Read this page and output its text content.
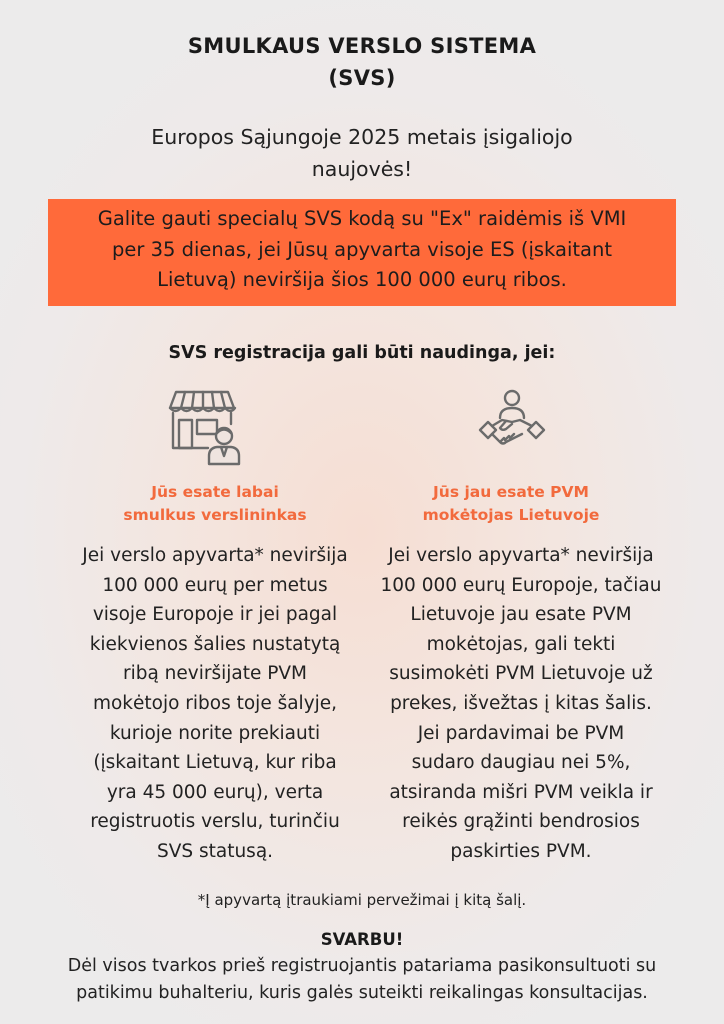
SMULKAUS VERSLO SISTEMA
(SVS)
Europos Sąjungoje 2025 metais įsigaliojo
naujovės!
Galite gauti specialų SVS kodą su "Ex" raidėmis iš VMI
per 35 dienas, jei Jūsų apyvarta visoje ES (įskaitant
Lietuvą) neviršija šios 100 000 eurų ribos.
SVS registracija gali būti naudinga, jei:
Jūs esate labai
smulkus verslininkas
Jūs jau esate PVM
mokėtojas Lietuvoje
Jei verslo apyvarta* neviršija
100 000 eurų per metus
visoje Europoje ir jei pagal
kiekvienos šalies nustatytą
ribą neviršijate PVM
mokėtojo ribos toje šalyje,
kurioje norite prekiauti
(įskaitant Lietuvą, kur riba
yra 45 000 eurų), verta
registruotis verslu, turinčiu
SVS statusą.
Jei verslo apyvarta* neviršija
100 000 eurų Europoje, tačiau
Lietuvoje jau esate PVM
mokėtojas, gali tekti
susimokėti PVM Lietuvoje už
prekes, išvežtas į kitas šalis.
Jei pardavimai be PVM
sudaro daugiau nei 5%,
atsiranda mišri PVM veikla ir
reikės grąžinti bendrosios
paskirties PVM.
*Į apyvartą įtraukiami pervežimai į kitą šalį.
SVARBU!
Dėl visos tvarkos prieš registruojantis patariama pasikonsultuoti su
patikimu buhalteriu, kuris galės suteikti reikalingas konsultacijas.
